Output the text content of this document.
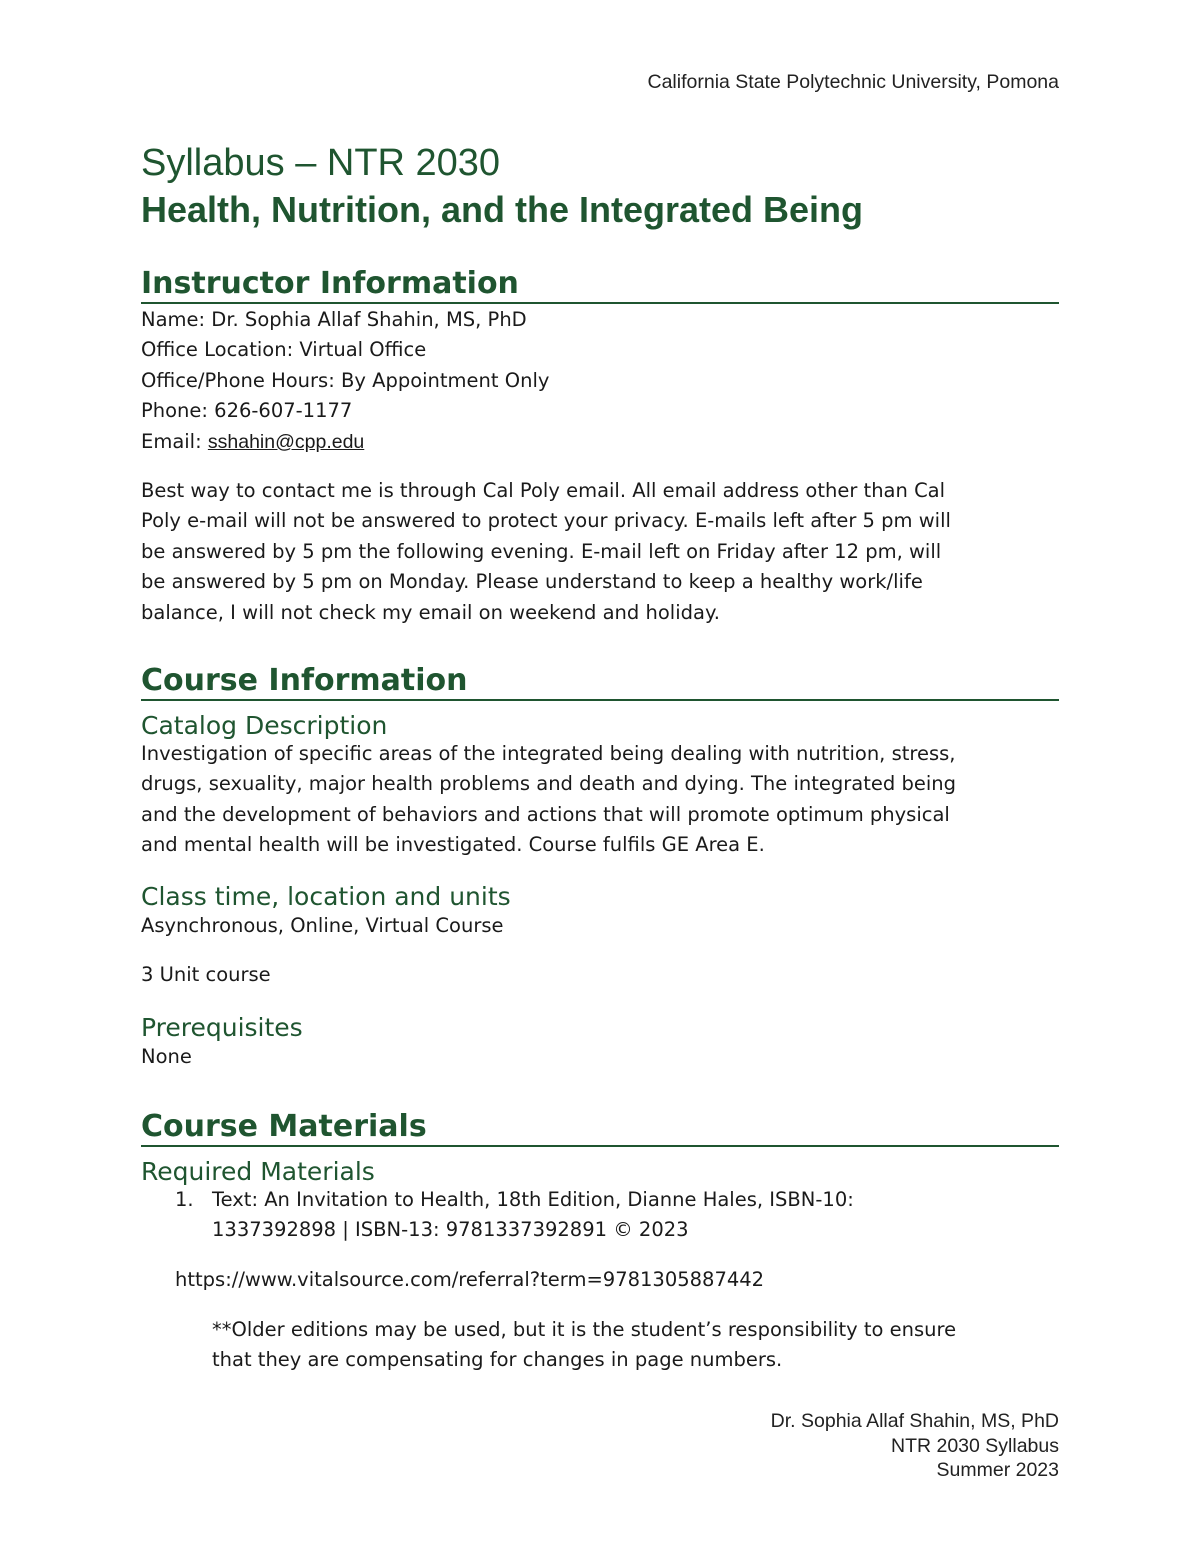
California State Polytechnic University, Pomona
Syllabus – NTR 2030
Health, Nutrition, and the Integrated Being
Instructor Information
Name: Dr. Sophia Allaf Shahin, MS, PhD
Office Location: Virtual Office
Office/Phone Hours: By Appointment Only
Phone: 626-607-1177
Email: sshahin@cpp.edu
Best way to contact me is through Cal Poly email. All email address other than Cal
Poly e-mail will not be answered to protect your privacy. E-mails left after 5 pm will
be answered by 5 pm the following evening. E-mail left on Friday after 12 pm, will
be answered by 5 pm on Monday. Please understand to keep a healthy work/life
balance, I will not check my email on weekend and holiday.
Course Information
Catalog Description
Investigation of specific areas of the integrated being dealing with nutrition, stress,
drugs, sexuality, major health problems and death and dying. The integrated being
and the development of behaviors and actions that will promote optimum physical
and mental health will be investigated. Course fulfils GE Area E.
Class time, location and units
Asynchronous, Online, Virtual Course
3 Unit course
Prerequisites
None
Course Materials
Required Materials
1. Text: An Invitation to Health, 18th Edition, Dianne Hales, ISBN-10:
1337392898 | ISBN-13: 9781337392891 © 2023
https://www.vitalsource.com/referral?term=9781305887442
**Older editions may be used, but it is the student’s responsibility to ensure
that they are compensating for changes in page numbers.
Dr. Sophia Allaf Shahin, MS, PhD
NTR 2030 Syllabus
Summer 2023
